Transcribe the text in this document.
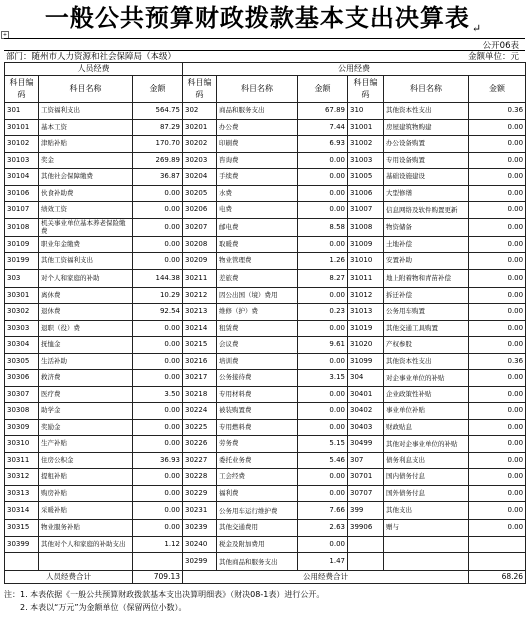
一般公共预算财政拨款基本支出决算表 $_↵$
+
公开06表
部门：随州市人力资源和社会保障局（本级）	金额单位：元
人员经费			公用经费					
科目编码	科目名称	金额	科目编码	科目名称	金额	科目编码	科目名称	金额
301	工资福利支出	564.75	302	商品和服务支出	67.89	310	其他资本性支出	0.36
30101	基本工资	87.29	30201	办公费	7.44	31001	房屋建筑物购建	0.00
30102	津贴补贴	170.70	30202	印刷费	6.93	31002	办公设备购置	0.00
30103	奖金	269.89	30203	咨询费	0.00	31003	专用设备购置	0.00
30104	其他社会保障缴费	36.87	30204	手续费	0.00	31005	基础设施建设	0.00
30106	伙食补助费	0.00	30205	水费	0.00	31006	大型修缮	0.00
30107	绩效工资	0.00	30206	电费	0.00	31007	信息网络及软件购置更新	0.00
30108	机关事业单位基本养老保险缴费	0.00	30207	邮电费	8.58	31008	物资储备	0.00
30109	职业年金缴费	0.00	30208	取暖费	0.00	31009	土地补偿	0.00
30199	其他工资福利支出	0.00	30209	物业管理费	1.26	31010	安置补助	0.00
303	对个人和家庭的补助	144.38	30211	差旅费	8.27	31011	地上附着物和青苗补偿	0.00
30301	离休费	10.29	30212	因公出国（境）费用	0.00	31012	拆迁补偿	0.00
30302	退休费	92.54	30213	维修（护）费	0.23	31013	公务用车购置	0.00
30303	退职（役）费	0.00	30214	租赁费	0.00	31019	其他交通工具购置	0.00
30304	抚恤金	0.00	30215	会议费	9.61	31020	产权参股	0.00
30305	生活补助	0.00	30216	培训费	0.00	31099	其他资本性支出	0.36
30306	救济费	0.00	30217	公务接待费	3.15	304	对企事业单位的补贴	0.00
30307	医疗费	3.50	30218	专用材料费	0.00	30401	企业政策性补贴	0.00
30308	助学金	0.00	30224	被装购置费	0.00	30402	事业单位补贴	0.00
30309	奖励金	0.00	30225	专用燃料费	0.00	30403	财政贴息	0.00
30310	生产补贴	0.00	30226	劳务费	5.15	30499	其他对企事业单位的补贴	0.00
30311	住房公积金	36.93	30227	委托业务费	5.46	307	债务利息支出	0.00
30312	提租补贴	0.00	30228	工会经费	0.00	30701	国内债务付息	0.00
30313	购房补贴	0.00	30229	福利费	0.00	30707	国外债务付息	0.00
30314	采暖补贴	0.00	30231	公务用车运行维护费	7.66	399	其他支出	0.00
30315	物业服务补贴	0.00	30239	其他交通费用	2.63	39906	赠与	0.00
30399	其他对个人和家庭的补助支出	1.12	30240	税金及附加费用	0.00			
			30299	其他商品和服务支出	1.47			
人员经费合计		709.13	公用经费合计					68.26
注：1. 本表依据《一般公共预算财政拨款基本支出决算明细表》（财决08-1表）进行公开。
2. 本表以“万元”为金额单位（保留两位小数）。
